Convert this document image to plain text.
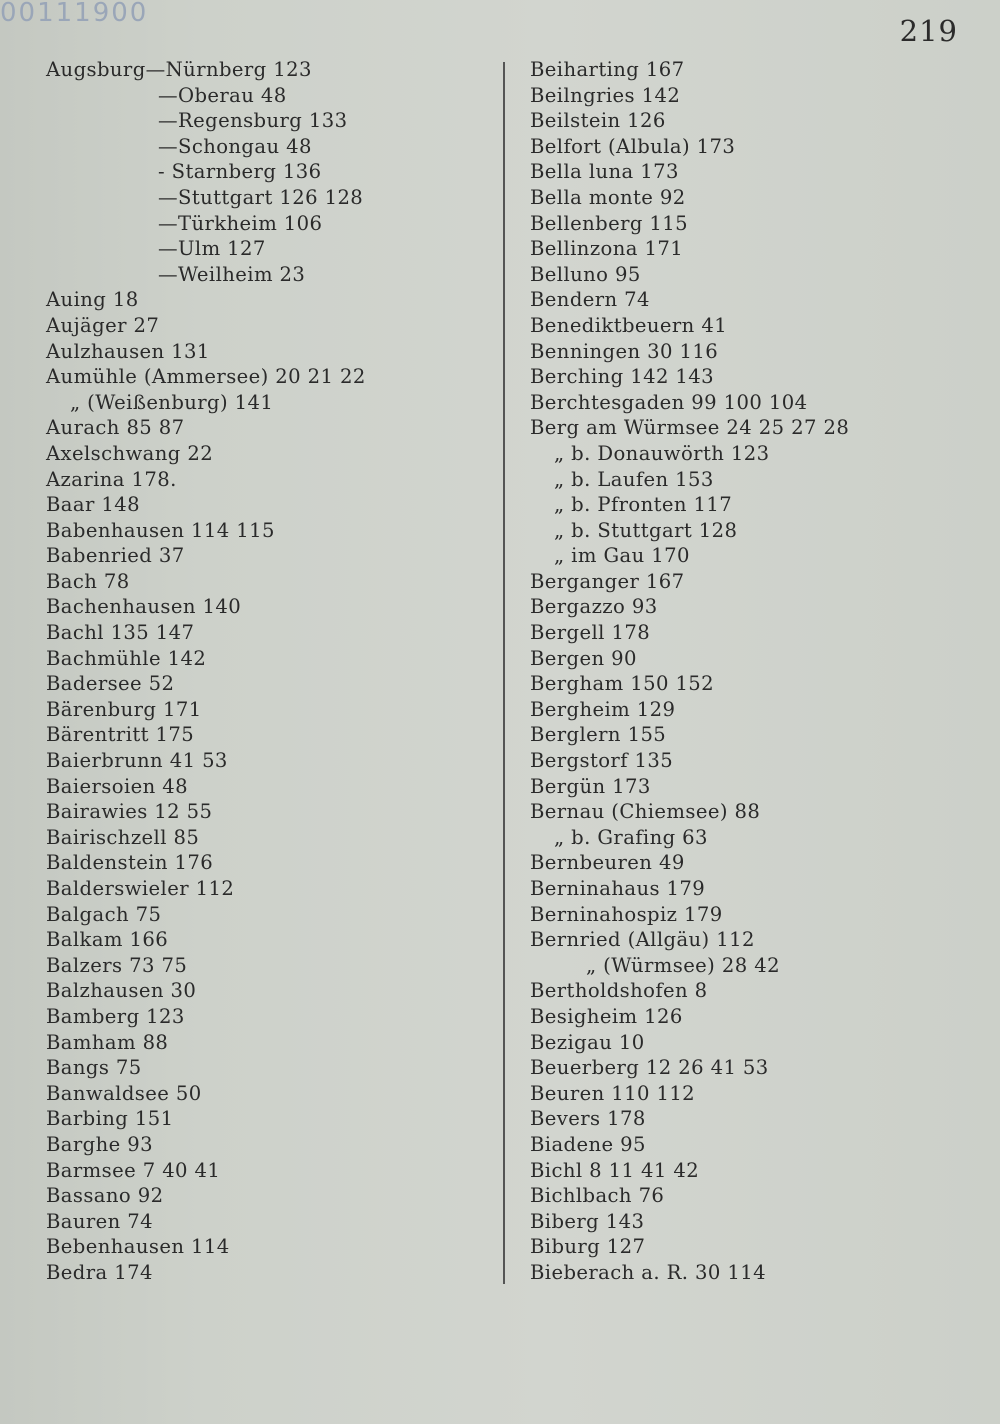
00111900
219
Augsburg—Nürnberg 123
—Oberau 48
—Regensburg 133
—Schongau 48
- Starnberg 136
—Stuttgart 126 128
—Türkheim 106
—Ulm 127
—Weilheim 23
Auing 18
Aujäger 27
Aulzhausen 131
Aumühle (Ammersee) 20 21 22
„ (Weißenburg) 141
Aurach 85 87
Axelschwang 22
Azarina 178.
Baar 148
Babenhausen 114 115
Babenried 37
Bach 78
Bachenhausen 140
Bachl 135 147
Bachmühle 142
Badersee 52
Bärenburg 171
Bärentritt 175
Baierbrunn 41 53
Baiersoien 48
Bairawies 12 55
Bairischzell 85
Baldenstein 176
Balderswieler 112
Balgach 75
Balkam 166
Balzers 73 75
Balzhausen 30
Bamberg 123
Bamham 88
Bangs 75
Banwaldsee 50
Barbing 151
Barghe 93
Barmsee 7 40 41
Bassano 92
Bauren 74
Bebenhausen 114
Bedra 174
Beiharting 167
Beilngries 142
Beilstein 126
Belfort (Albula) 173
Bella luna 173
Bella monte 92
Bellenberg 115
Bellinzona 171
Belluno 95
Bendern 74
Benediktbeuern 41
Benningen 30 116
Berching 142 143
Berchtesgaden 99 100 104
Berg am Würmsee 24 25 27 28
„ b. Donauwörth 123
„ b. Laufen 153
„ b. Pfronten 117
„ b. Stuttgart 128
„ im Gau 170
Berganger 167
Bergazzo 93
Bergell 178
Bergen 90
Bergham 150 152
Bergheim 129
Berglern 155
Bergstorf 135
Bergün 173
Bernau (Chiemsee) 88
„ b. Grafing 63
Bernbeuren 49
Berninahaus 179
Berninahospiz 179
Bernried (Allgäu) 112
„ (Würmsee) 28 42
Bertholdshofen 8
Besigheim 126
Bezigau 10
Beuerberg 12 26 41 53
Beuren 110 112
Bevers 178
Biadene 95
Bichl 8 11 41 42
Bichlbach 76
Biberg 143
Biburg 127
Bieberach a. R. 30 114
